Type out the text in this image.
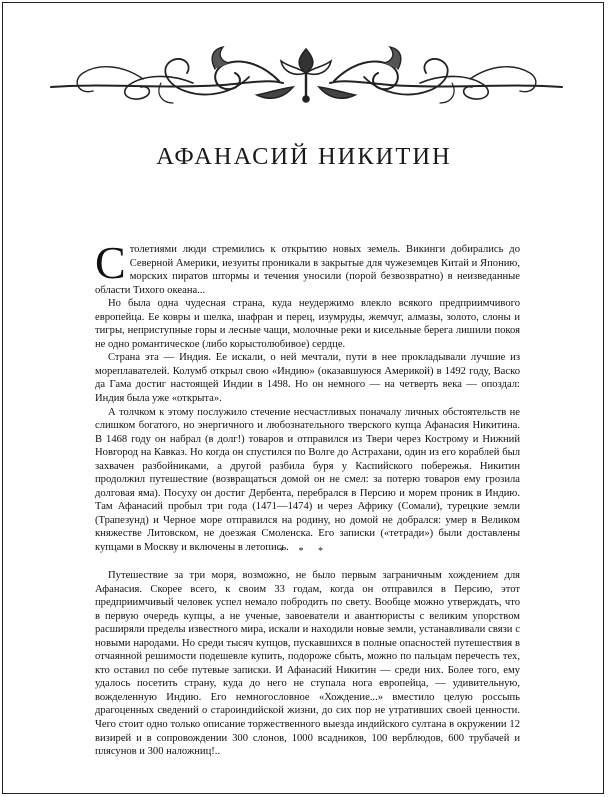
АФАНАСИЙ НИКИТИН

Столетиями люди стремились к открытию новых земель. Викинги добирались до Северной Америки, иезуиты проникали в закрытые для чужеземцев Китай и Японию, морских пиратов штормы и течения уносили (порой безвозвратно) в неизведанные области Тихого океана...

Но была одна чудесная страна, куда неудержимо влекло всякого предприимчивого европейца. Ее ковры и шелка, шафран и перец, изумруды, жемчуг, алмазы, золото, слоны и тигры, неприступные горы и лесные чащи, молочные реки и кисельные берега лишили покоя не одно романтическое (либо корыстолюбивое) сердце.

Страна эта — Индия. Ее искали, о ней мечтали, пути в нее прокладывали лучшие из мореплавателей. Колумб открыл свою «Индию» (оказавшуюся Америкой) в 1492 году, Васко да Гама достиг настоящей Индии в 1498. Но он немного — на четверть века — опоздал: Индия была уже «открыта».

А толчком к этому послужило стечение несчастливых поначалу личных обстоятельств не слишком богатого, но энергичного и любознательного тверского купца Афанасия Никитина. В 1468 году он набрал (в долг!) товаров и отправился из Твери через Кострому и Нижний Новгород на Кавказ. Но когда он спустился по Волге до Астрахани, один из его кораблей был захвачен разбойниками, а другой разбила буря у Каспийского побережья. Никитин продолжил путешествие (возвращаться домой он не смел: за потерю товаров ему грозила долговая яма). Посуху он достиг Дербента, перебрался в Персию и морем проник в Индию. Там Афанасий пробыл три года (1471—1474) и через Африку (Сомали), турецкие земли (Трапезунд) и Черное море отправился на родину, но домой не добрался: умер в Великом княжестве Литовском, не доезжая Смоленска. Его записки («тетради») были доставлены купцами в Москву и включены в летопись.

* * *

Путешествие за три моря, возможно, не было первым заграничным хождением для Афанасия. Скорее всего, к своим 33 годам, когда он отправился в Персию, этот предприимчивый человек успел немало побродить по свету. Вообще можно утверждать, что в первую очередь купцы, а не ученые, завоеватели и авантюристы с великим упорством расширяли пределы известного мира, искали и находили новые земли, устанавливали связи с новыми народами. Но среди тысяч купцов, пускавшихся в полные опасностей путешествия в отчаянной решимости подешевле купить, подороже сбыть, можно по пальцам перечесть тех, кто оставил по себе путевые записки. И Афанасий Никитин — среди них. Более того, ему удалось посетить страну, куда до него не ступала нога европейца, — удивительную, вожделенную Индию. Его немногословное «Хождение...» вместило целую россыпь драгоценных сведений о староиндийской жизни, до сих пор не утративших своей ценности. Чего стоит одно только описание торжественного выезда индийского султана в окружении 12 визирей и в сопровождении 300 слонов, 1000 всадников, 100 верблюдов, 600 трубачей и плясунов и 300 наложниц!..
